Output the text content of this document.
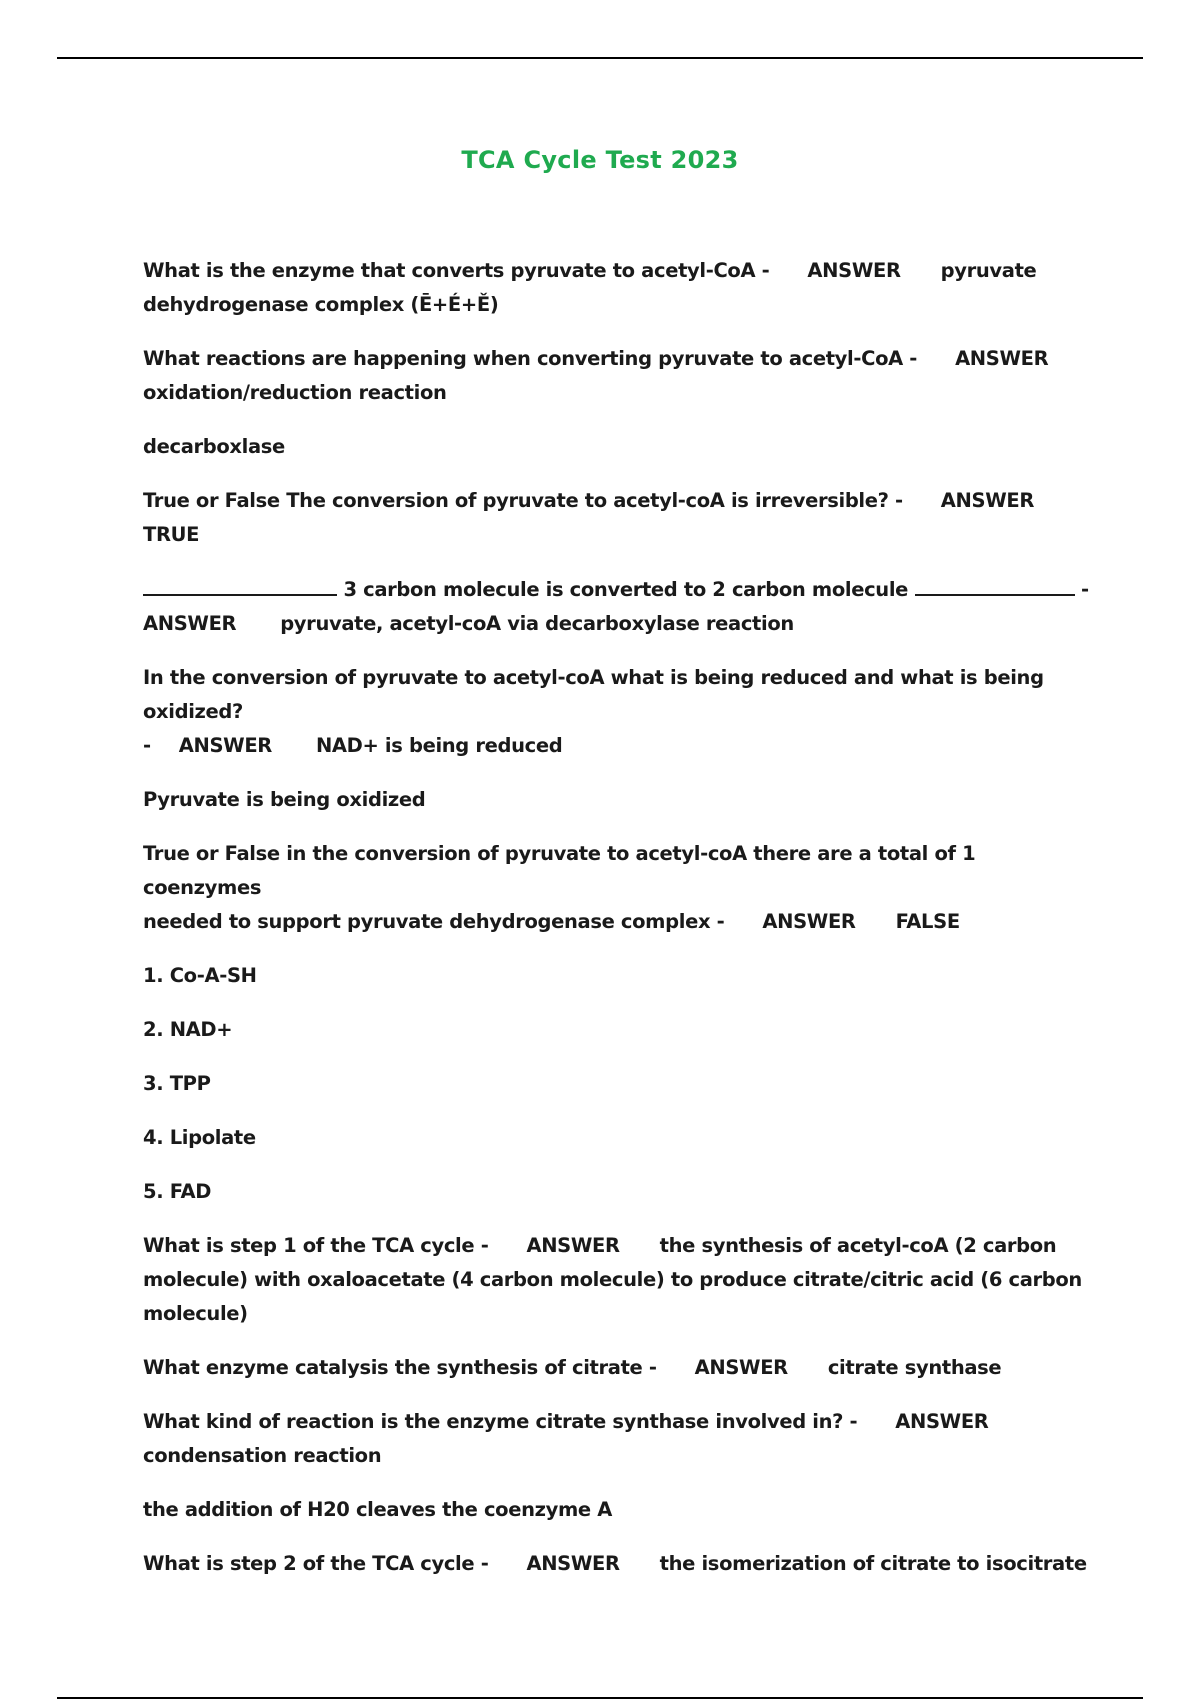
TCA Cycle Test 2023

What is the enzyme that converts pyruvate to acetyl-CoA - ANSWER pyruvate
dehydrogenase complex (Ē+É+Ě)

What reactions are happening when converting pyruvate to acetyl-CoA - ANSWER
oxidation/reduction reaction

decarboxlase

True or False The conversion of pyruvate to acetyl-coA is irreversible? - ANSWERTRUE

3 carbon molecule is converted to 2 carbon molecule	-
ANSWER pyruvate, acetyl-coA via decarboxylase reaction

In the conversion of pyruvate to acetyl-coA what is being reduced and what is being oxidized?
- ANSWER NAD+ is being reduced

Pyruvate is being oxidized

True or False in the conversion of pyruvate to acetyl-coA there are a total of 1 coenzymes
needed to support pyruvate dehydrogenase complex - ANSWER FALSE

1. Co-A-SH

2. NAD+

3. TPP

4. Lipolate

5. FAD

What is step 1 of the TCA cycle - ANSWER the synthesis of acetyl-coA (2 carbon
molecule) with oxaloacetate (4 carbon molecule) to produce citrate/citric acid (6 carbon
molecule)

What enzyme catalysis the synthesis of citrate - ANSWER citrate synthase

What kind of reaction is the enzyme citrate synthase involved in? - ANSWER
condensation reaction

the addition of H20 cleaves the coenzyme A

What is step 2 of the TCA cycle - ANSWER the isomerization of citrate to isocitrate
